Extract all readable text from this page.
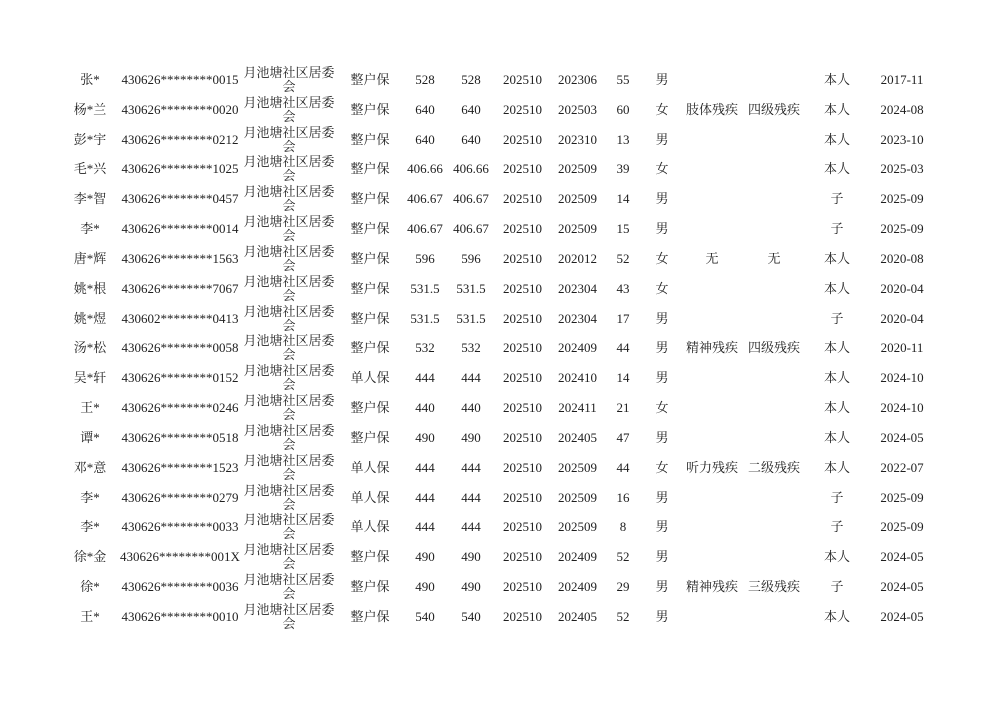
张*	430626********0015	月池塘社区居委会	整户保	528	528	202510	202306	55	男			本人	2017-11
杨*兰	430626********0020	月池塘社区居委会	整户保	640	640	202510	202503	60	女	肢体残疾	四级残疾	本人	2024-08
彭*宇	430626********0212	月池塘社区居委会	整户保	640	640	202510	202310	13	男			本人	2023-10
毛*兴	430626********1025	月池塘社区居委会	整户保	406.66	406.66	202510	202509	39	女			本人	2025-03
李*智	430626********0457	月池塘社区居委会	整户保	406.67	406.67	202510	202509	14	男			子	2025-09
李*	430626********0014	月池塘社区居委会	整户保	406.67	406.67	202510	202509	15	男			子	2025-09
唐*辉	430626********1563	月池塘社区居委会	整户保	596	596	202510	202012	52	女	无	无	本人	2020-08
姚*根	430626********7067	月池塘社区居委会	整户保	531.5	531.5	202510	202304	43	女			本人	2020-04
姚*煜	430602********0413	月池塘社区居委会	整户保	531.5	531.5	202510	202304	17	男			子	2020-04
汤*松	430626********0058	月池塘社区居委会	整户保	532	532	202510	202409	44	男	精神残疾	四级残疾	本人	2020-11
吴*轩	430626********0152	月池塘社区居委会	单人保	444	444	202510	202410	14	男			本人	2024-10
王*	430626********0246	月池塘社区居委会	整户保	440	440	202510	202411	21	女			本人	2024-10
谭*	430626********0518	月池塘社区居委会	整户保	490	490	202510	202405	47	男			本人	2024-05
邓*意	430626********1523	月池塘社区居委会	单人保	444	444	202510	202509	44	女	听力残疾	二级残疾	本人	2022-07
李*	430626********0279	月池塘社区居委会	单人保	444	444	202510	202509	16	男			子	2025-09
李*	430626********0033	月池塘社区居委会	单人保	444	444	202510	202509	8	男			子	2025-09
徐*金	430626********001X	月池塘社区居委会	整户保	490	490	202510	202409	52	男			本人	2024-05
徐*	430626********0036	月池塘社区居委会	整户保	490	490	202510	202409	29	男	精神残疾	三级残疾	子	2024-05
王*	430626********0010	月池塘社区居委会	整户保	540	540	202510	202405	52	男			本人	2024-05
